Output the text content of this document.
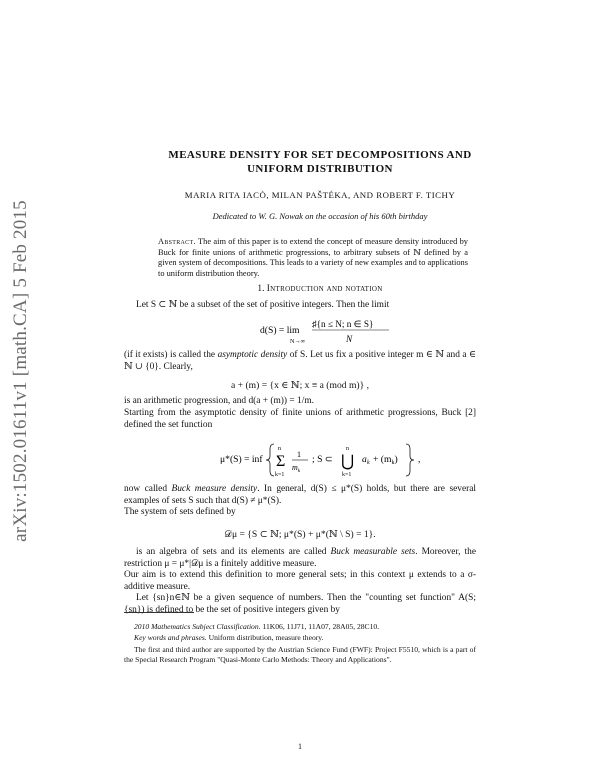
arXiv:1502.01611v1 [math.CA] 5 Feb 2015
MEASURE DENSITY FOR SET DECOMPOSITIONS AND
UNIFORM DISTRIBUTION
MARIA RITA IACÒ, MILAN PAŠTÉKA, AND ROBERT F. TICHY
Dedicated to W. G. Nowak on the occasion of his 60th birthday
Abstract. The aim of this paper is to extend the concept of measure density introduced by Buck for finite unions of arithmetic progressions, to arbitrary subsets of ℕ defined by a given system of decompositions. This leads to a variety of new examples and to applications to uniform distribution theory.
1. Introduction and notation
Let S ⊂ ℕ be a subset of the set of positive integers. Then the limit
d(S) = lim
N→∞
♯{n ≤ N; n ∈ S}
N
(if it exists) is called the asymptotic density of S. Let us fix a positive integer m ∈ ℕ and a ∈ ℕ ∪ {0}. Clearly,
a + (m) = {x ∈ ℕ; x ≡ a (mod m)} ,
is an arithmetic progression, and d(a + (m)) = 1/m.
Starting from the asymptotic density of finite unions of arithmetic progressions, Buck [2] defined the set function
μ*(S) = inf
n
Σ
k=1
1
$m_k$
; S ⊂
n
⋃
k=1
a $k + (m_k)$ ,
now called Buck measure density. In general, d(S) ≤ μ*(S) holds, but there are several examples of sets S such that d(S) ≠ μ*(S).
The system of sets defined by
𝒟μ = {S ⊂ ℕ; μ*(S) + μ*(ℕ \ S) = 1}.
is an algebra of sets and its elements are called Buck measurable sets. Moreover, the restriction μ = μ*|𝒟μ is a finitely additive measure.
Our aim is to extend this definition to more general sets; in this context μ extends to a σ-additive measure.
Let {sn}n∈ℕ be a given sequence of numbers. Then the "counting set function" A(S; {sn}) is defined to be the set of positive integers given by
2010 Mathematics Subject Classification. 11K06, 11J71, 11A07, 28A05, 28C10.
Key words and phrases. Uniform distribution, measure theory.
The first and third author are supported by the Austrian Science Fund (FWF): Project F5510, which is a part of the Special Research Program "Quasi-Monte Carlo Methods: Theory and Applications".
1
